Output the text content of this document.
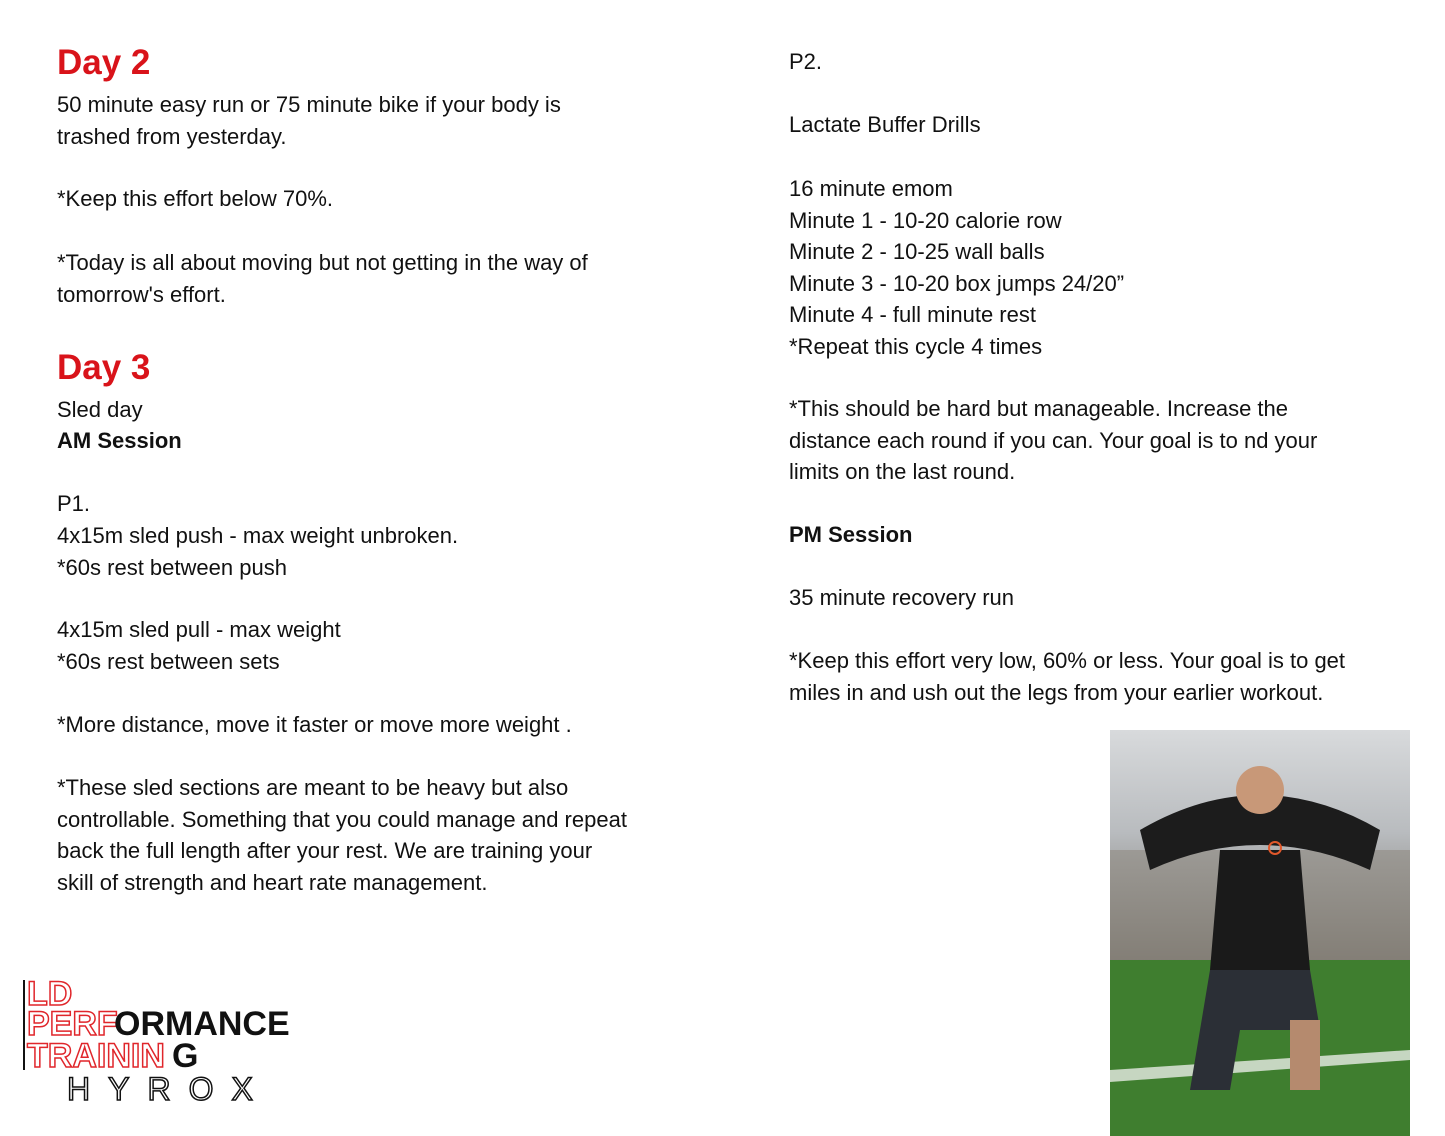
Day 2

50 minute easy run or 75 minute bike if your body is
trashed from yesterday.

*Keep this effort below 70%.

*Today is all about moving but not getting in the way of
tomorrow's effort.

Day 3

Sled day

AM Session

P1.

4x15m sled push - max weight unbroken.

*60s rest between push

4x15m sled pull - max weight

*60s rest between sets

*More distance, move it faster or move more weight .

*These sled sections are meant to be heavy but also
controllable. Something that you could manage and repeat
back the full length after your rest. We are training your
skill of strength and heart rate management.

P2.

Lactate Buffer Drills

16 minute emom
Minute 1 - 10-20 calorie row
Minute 2 - 10-25 wall balls
Minute 3 - 10-20 box jumps 24/20”
Minute 4 - full minute rest
*Repeat this cycle 4 times

*This should be hard but manageable. Increase the
distance each round if you can. Your goal is to nd your
limits on the last round.

PM Session

35 minute recovery run

*Keep this effort very low, 60% or less. Your goal is to get
miles in and ush out the legs from your earlier workout.

LD
PERF
ORMANCE
TRAININ G
HYROX
